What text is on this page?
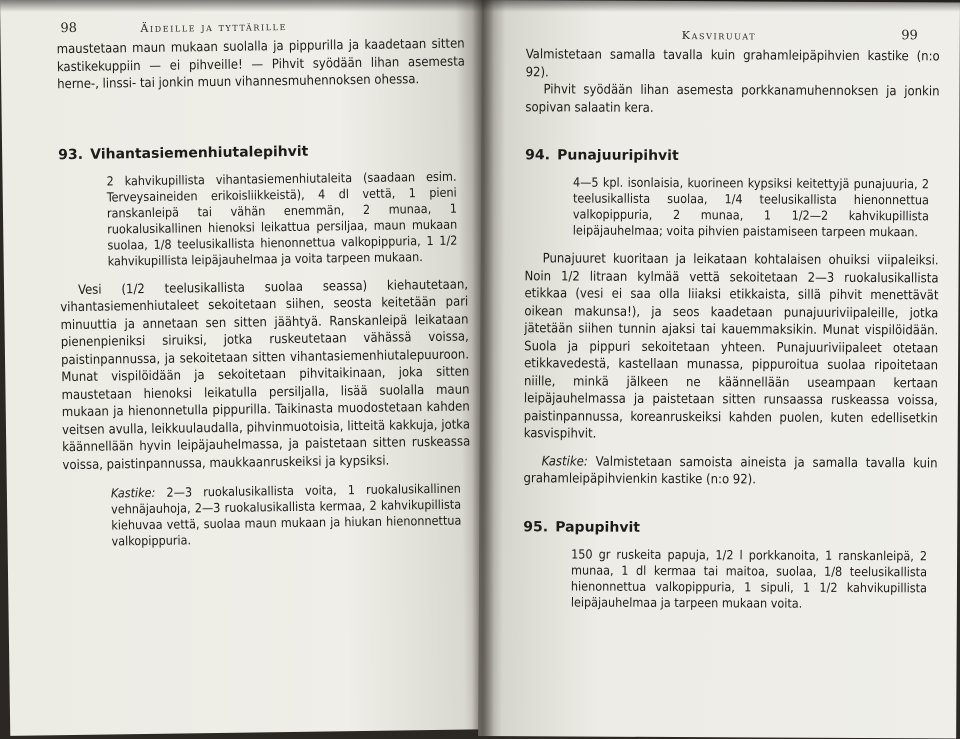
98	Äideille ja tyttärille

maustetaan maun mukaan suolalla ja pippurilla ja kaadetaan sitten kastikekuppiin — ei pihveille! — Pihvit syödään lihan asemesta herne-, linssi- tai jonkin muun vihannesmuhennoksen ohessa.

93. Vihantasiemenhiutalepihvit

2 kahvikupillista vihantasiemenhiutaleita (saadaan esim. Terveysaineiden erikoisliikkeistä), 4 dl vettä, 1 pieni ranskanleipä tai vähän enemmän, 2 munaa, 1 ruokalusikallinen hienoksi leikattua persiljaa, maun mukaan suolaa, 1/8 teelusikallista hienonnettua valkopippuria, 1 1/2 kahvikupillista leipäjauhelmaa ja voita tarpeen mukaan.

Vesi (1/2 teelusikallista suolaa seassa) kiehautetaan, vihantasiemenhiutaleet sekoitetaan siihen, seosta keitetään pari minuuttia ja annetaan sen sitten jäähtyä. Ranskanleipä leikataan pienenpieniksi siruiksi, jotka ruskeutetaan vähässä voissa, paistinpannussa, ja sekoitetaan sitten vihantasiemenhiutalepuuroon. Munat vispilöidään ja sekoitetaan pihvitaikinaan, joka sitten maustetaan hienoksi leikatulla persiljalla, lisää suolalla maun mukaan ja hienonnetulla pippurilla. Taikinasta muodostetaan kahden veitsen avulla, leikkuulaudalla, pihvinmuotoisia, litteitä kakkuja, jotka käännellään hyvin leipäjauhelmassa, ja paistetaan sitten ruskeassa voissa, paistinpannussa, maukkaanruskeiksi ja kypsiksi.

Kastike: 2—3 ruokalusikallista voita, 1 ruokalusikallinen vehnäjauhoja, 2—3 ruokalusikallista kermaa, 2 kahvikupillista kiehuvaa vettä, suolaa maun mukaan ja hiukan hienonnettua valkopippuria.

Kasviruuat	99

Valmistetaan samalla tavalla kuin grahamleipäpihvien kastike (n:o 92).

Pihvit syödään lihan asemesta porkkanamuhennoksen ja jonkin sopivan salaatin kera.

94. Punajuuripihvit

4—5 kpl. isonlaisia, kuorineen kypsiksi keitettyjä punajuuria, 2 teelusikallista suolaa, 1/4 teelusikallista hienonnettua valkopippuria, 2 munaa, 1 1/2—2 kahvikupillista leipäjauhelmaa; voita pihvien paistamiseen tarpeen mukaan.

Punajuuret kuoritaan ja leikataan kohtalaisen ohuiksi viipaleiksi. Noin 1/2 litraan kylmää vettä sekoitetaan 2—3 ruokalusikallista etikkaa (vesi ei saa olla liiaksi etikkaista, sillä pihvit menettävät oikean makunsa!), ja seos kaadetaan punajuuriviipaleille, jotka jätetään siihen tunnin ajaksi tai kauemmaksikin. Munat vispilöidään. Suola ja pippuri sekoitetaan yhteen. Punajuuriviipaleet otetaan etikkavedestä, kastellaan munassa, pippuroitua suolaa ripoitetaan niille, minkä jälkeen ne käännellään useampaan kertaan leipäjauhelmassa ja paistetaan sitten runsaassa ruskeassa voissa, paistinpannussa, koreanruskeiksi kahden puolen, kuten edellisetkin kasvispihvit.

Kastike: Valmistetaan samoista aineista ja samalla tavalla kuin grahamleipäpihvienkin kastike (n:o 92).

95. Papupihvit

150 gr ruskeita papuja, 1/2 l porkkanoita, 1 ranskanleipä, 2 munaa, 1 dl kermaa tai maitoa, suolaa, 1/8 teelusikallista hienonnettua valkopippuria, 1 sipuli, 1 1/2 kahvikupillista leipäjauhelmaa ja tarpeen mukaan voita.
